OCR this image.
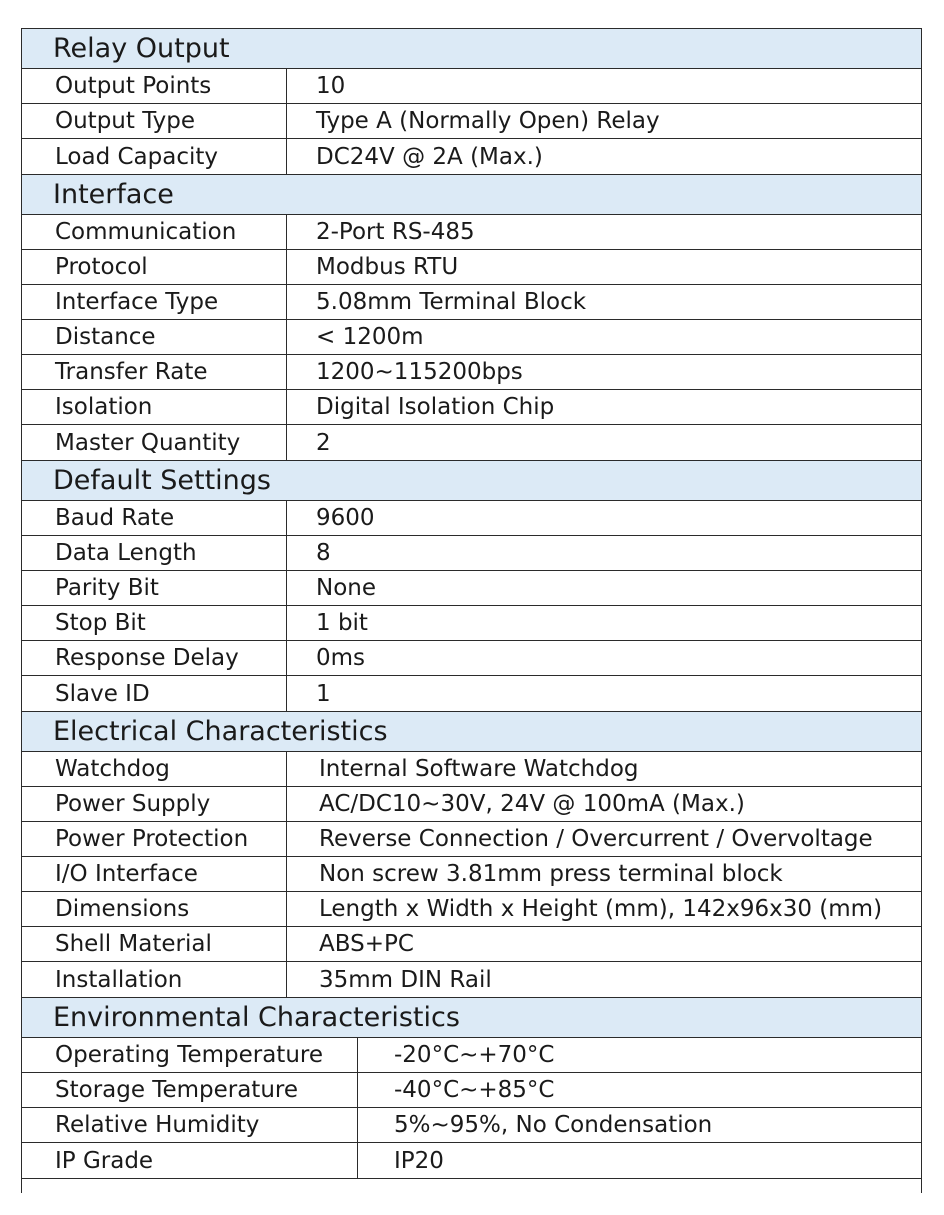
Relay Output
Output Points	10
Output Type	Type A (Normally Open) Relay
Load Capacity	DC24V @ 2A (Max.)
Interface
Communication	2-Port RS-485
Protocol	Modbus RTU
Interface Type	5.08mm Terminal Block
Distance	< 1200m
Transfer Rate	1200~115200bps
Isolation	Digital Isolation Chip
Master Quantity	2
Default Settings
Baud Rate	9600
Data Length	8
Parity Bit	None
Stop Bit	1 bit
Response Delay	0ms
Slave ID	1
Electrical Characteristics
Watchdog	Internal Software Watchdog
Power Supply	AC/DC10~30V, 24V @ 100mA (Max.)
Power Protection	Reverse Connection / Overcurrent / Overvoltage
I/O Interface	Non screw 3.81mm press terminal block
Dimensions	Length x Width x Height (mm), 142x96x30 (mm)
Shell Material	ABS+PC
Installation	35mm DIN Rail
Environmental Characteristics
Operating Temperature	-20°C~+70°C
Storage Temperature	-40°C~+85°C
Relative Humidity	5%~95%, No Condensation
IP Grade	IP20
